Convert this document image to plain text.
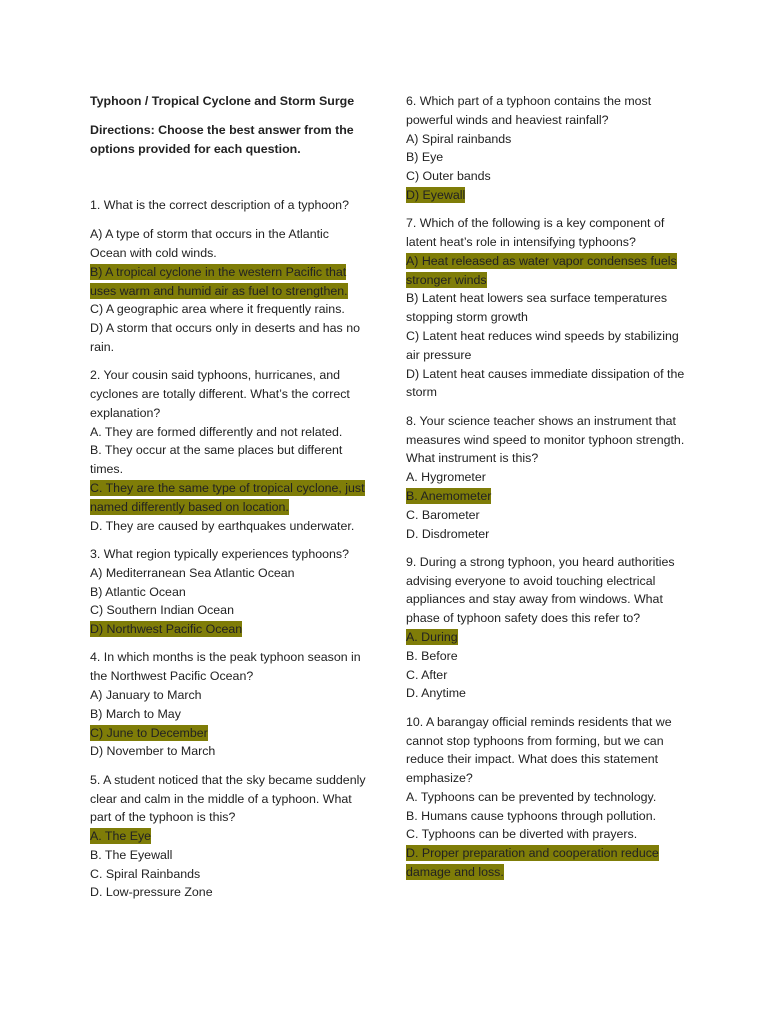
Typhoon / Tropical Cyclone and Storm Surge

Directions: Choose the best answer from the options provided for each question.

1. What is the correct description of a typhoon?
A) A type of storm that occurs in the Atlantic Ocean with cold winds.
B) A tropical cyclone in the western Pacific that uses warm and humid air as fuel to strengthen.
C) A geographic area where it frequently rains.
D) A storm that occurs only in deserts and has no rain.
2. Your cousin said typhoons, hurricanes, and cyclones are totally different. What’s the correct explanation?
A. They are formed differently and not related.
B. They occur at the same places but different times.
C. They are the same type of tropical cyclone, just named differently based on location.
D. They are caused by earthquakes underwater.
3. What region typically experiences typhoons?
A) Mediterranean Sea Atlantic Ocean
B) Atlantic Ocean
C) Southern Indian Ocean
D) Northwest Pacific Ocean
4. In which months is the peak typhoon season in the Northwest Pacific Ocean?
A) January to March
B) March to May
C) June to December
D) November to March
5. A student noticed that the sky became suddenly clear and calm in the middle of a typhoon. What part of the typhoon is this?
A. The Eye
B. The Eyewall
C. Spiral Rainbands
D. Low-pressure Zone
6. Which part of a typhoon contains the most powerful winds and heaviest rainfall?
A) Spiral rainbands
B) Eye
C) Outer bands
D) Eyewall
7. Which of the following is a key component of latent heat’s role in intensifying typhoons?
A) Heat released as water vapor condenses fuels stronger winds
B) Latent heat lowers sea surface temperatures stopping storm growth
C) Latent heat reduces wind speeds by stabilizing air pressure
D) Latent heat causes immediate dissipation of the storm
8. Your science teacher shows an instrument that measures wind speed to monitor typhoon strength. What instrument is this?
A. Hygrometer
B. Anemometer
C. Barometer
D. Disdrometer
9. During a strong typhoon, you heard authorities advising everyone to avoid touching electrical appliances and stay away from windows. What phase of typhoon safety does this refer to?
A. During
B. Before
C. After
D. Anytime
10. A barangay official reminds residents that we cannot stop typhoons from forming, but we can reduce their impact. What does this statement emphasize?
A. Typhoons can be prevented by technology.
B. Humans cause typhoons through pollution.
C. Typhoons can be diverted with prayers.
D. Proper preparation and cooperation reduce damage and loss.
